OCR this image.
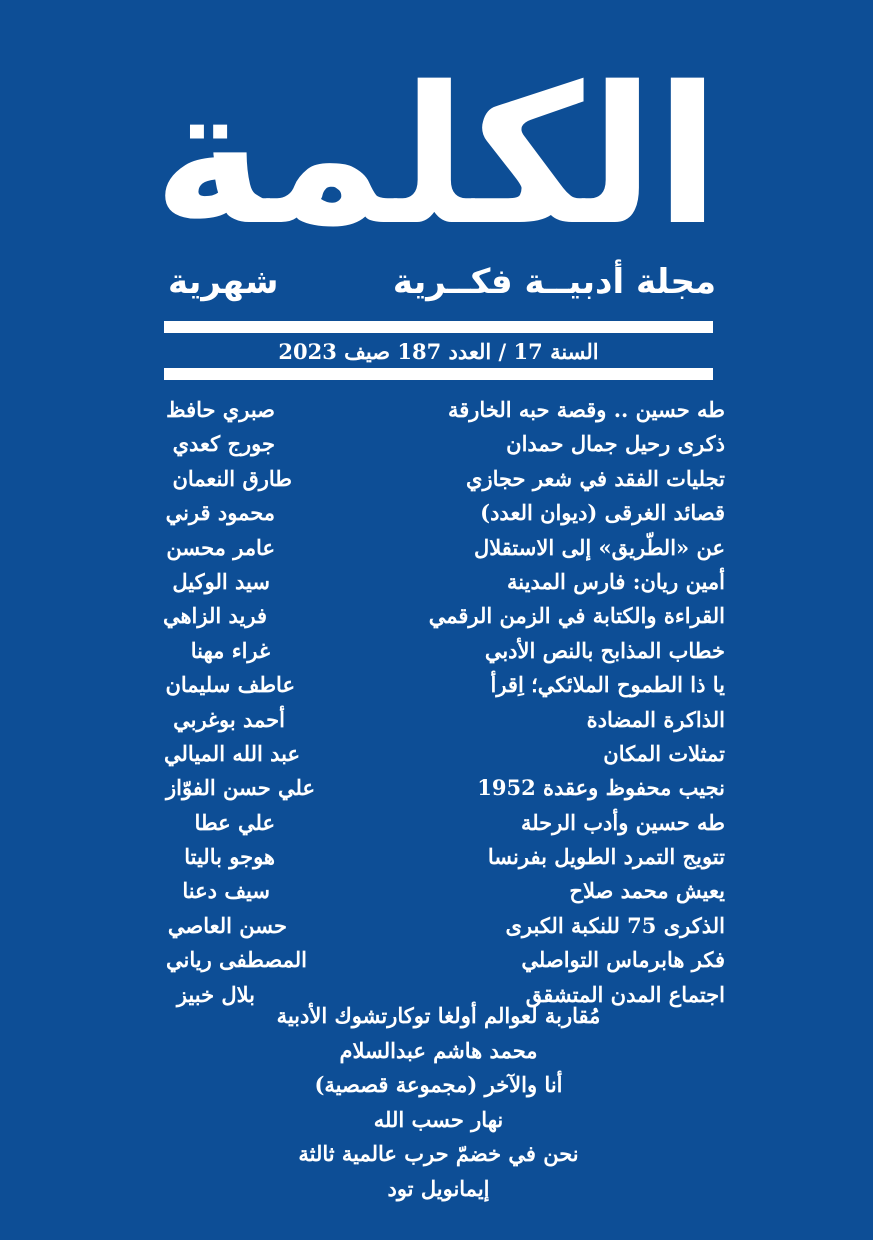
الكلمة
مجلة أدبيــة فكــرية
شهرية
السنة 17 / العدد 187 صيف 2023
طه حسين .. وقصة حبه الخارقة
صبري حافظ
ذكرى رحيل جمال حمدان
جورج كعدي
تجليات الفقد في شعر حجازي
طارق النعمان
قصائد الغرقى (ديوان العدد)
محمود قرني
عن «الطّريق» إلى الاستقلال
عامر محسن
أمين ريان: فارس المدينة
سيد الوكيل
القراءة والكتابة في الزمن الرقمي
فريد الزاهي
خطاب المذابح بالنص الأدبي
غراء مهنا
يا ذا الطموح الملائكي؛ اِقرأ
عاطف سليمان
الذاكرة المضادة
أحمد بوغربي
تمثلات المكان
عبد الله الميالي
نجيب محفوظ وعقدة 1952
علي حسن الفوّاز
طه حسين وأدب الرحلة
علي عطا
تتويج التمرد الطويل بفرنسا
هوجو باليتا
يعيش محمد صلاح
سيف دعنا
الذكرى 75 للنكبة الكبرى
حسن العاصي
فكر هابرماس التواصلي
المصطفى رياني
اجتماع المدن المتشقق
بلال خبيز
مُقاربة لعوالم أولغا توكارتشوك الأدبية
محمد هاشم عبدالسلام
أنا والآخر (مجموعة قصصية)
نهار حسب الله
نحن في خضمّ حرب عالمية ثالثة
إيمانويل تود
